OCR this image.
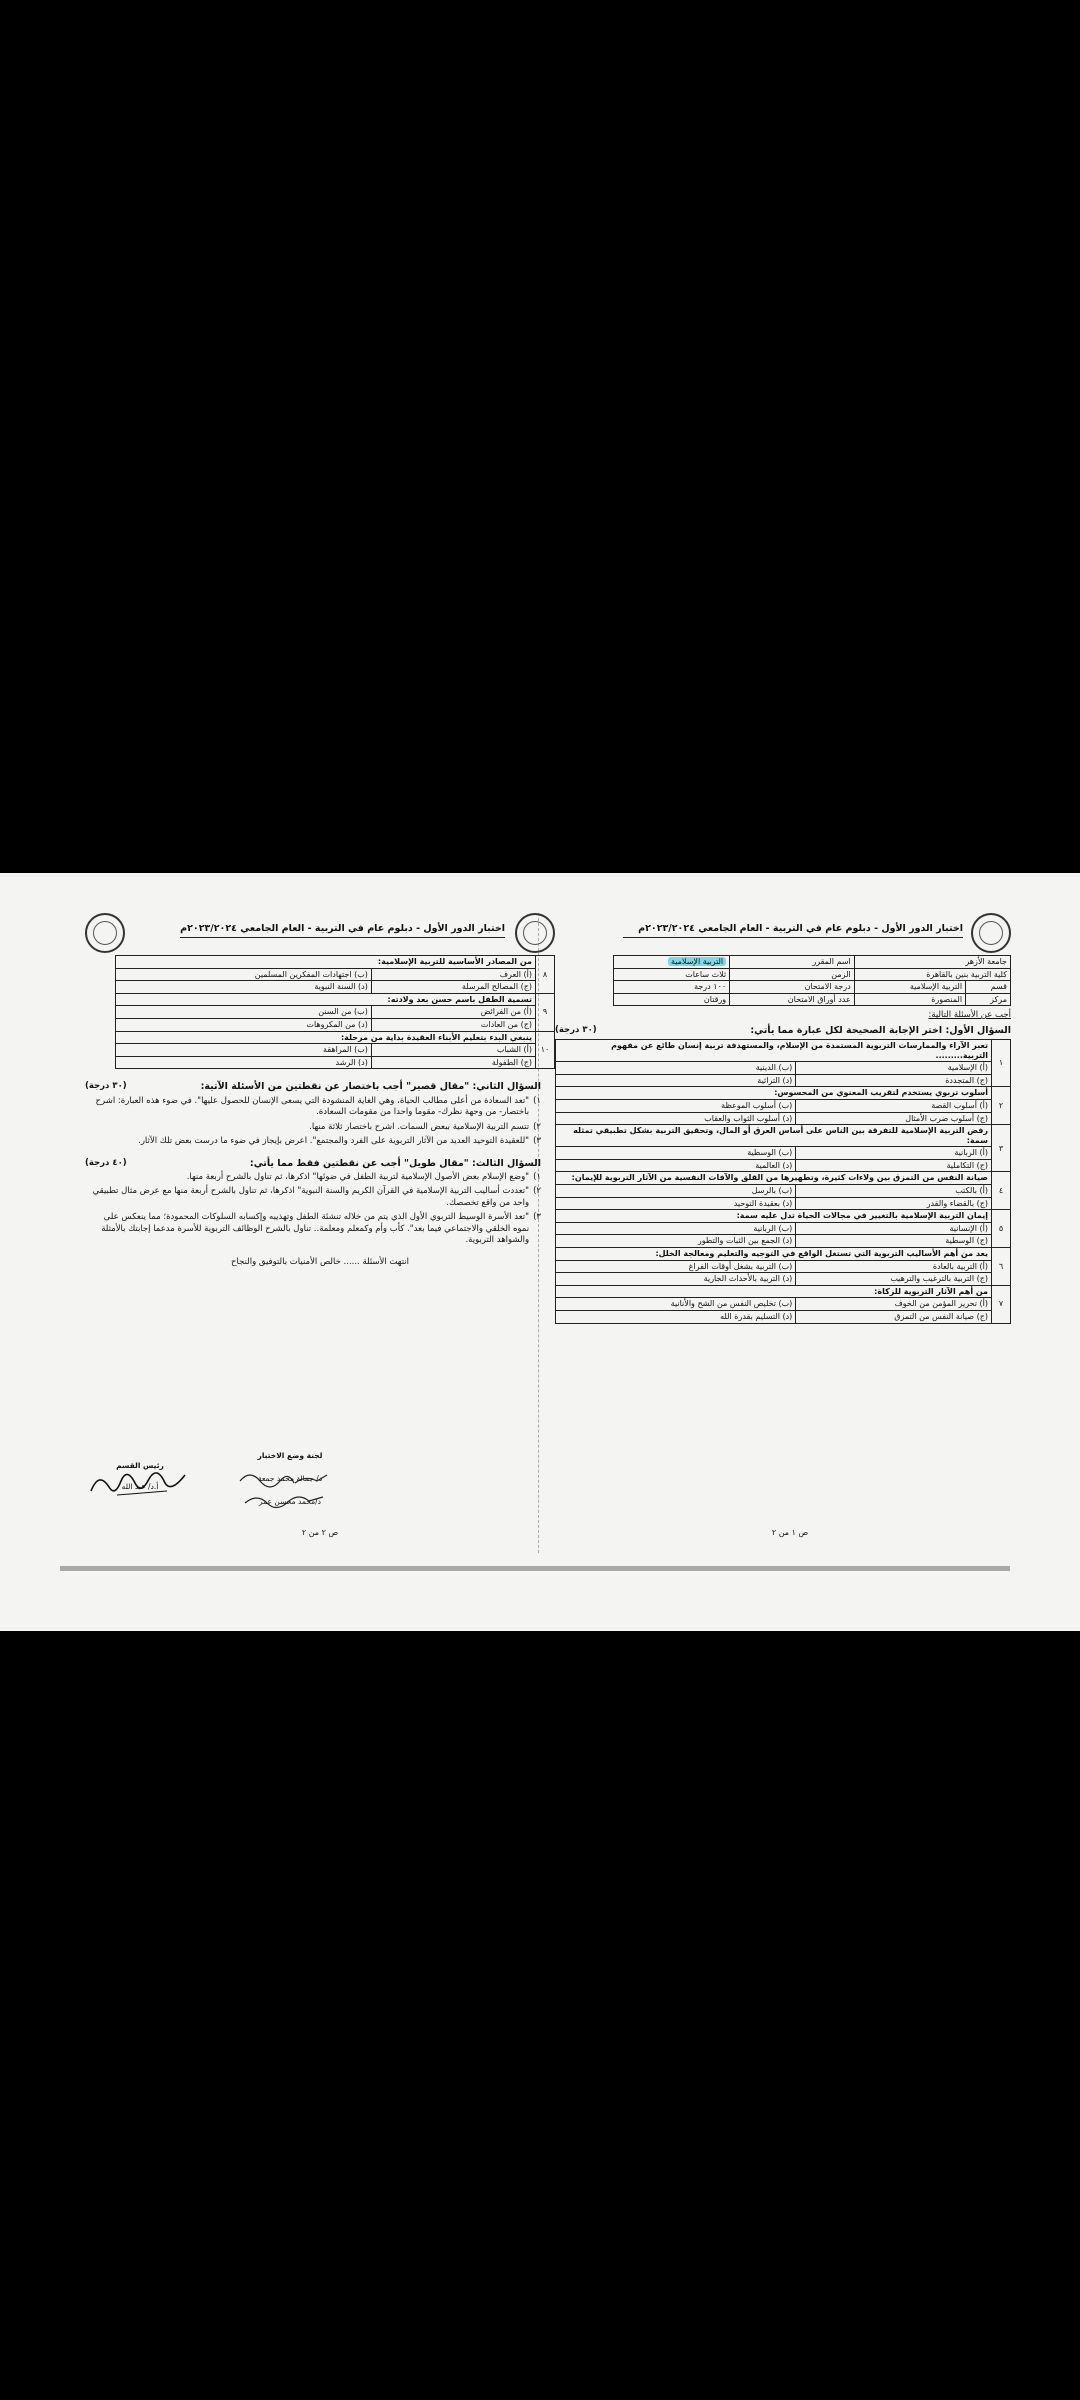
اختبار الدور الأول - دبلوم عام في التربية - العام الجامعي ٢٠٢٣/٢٠٢٤م
جامعة الأزهر		اسم المقرر	التربية الإسلامية
كلية التربية بنين بالقاهرة		الزمن	ثلاث ساعات
قسم	التربية الإسلامية	درجة الامتحان	١٠٠ درجة
مركز	المنصورة	عدد أوراق الامتحان	ورقتان
أجب عن الأسئلة التالية:
السؤال الأول: اختر الإجابة الصحيحة لكل عبارة مما يأتي:
(٣٠ درجة)
١	تعبر الآراء والممارسات التربوية المستمدة من الإسلام، والمستهدفة تربية إنسان طائع عن مفهوم التربية.........	
	(أ) الإسلامية	(ب) الدينية
	(ج) المتجددة	(د) التراثية
٢	أسلوب تربوي يستخدم لتقريب المعنوي من المحسوس:	
	(أ) أسلوب القصة	(ب) أسلوب الموعظة
	(ج) أسلوب ضرب الأمثال	(د) أسلوب الثواب والعقاب
٣	رفض التربية الإسلامية للتفرقة بين الناس على أساس العرق أو المال، وتحقيق التربية بشكل تطبيقي تمثله سمة:	
	(أ) الربانية	(ب) الوسطية
	(ج) التكاملية	(د) العالمية
٤	صيانة النفس من التمزق بين ولاءات كثيرة، وتطهيرها من القلق والآفات النفسية من الآثار التربوية للإيمان:	
	(أ) بالكتب	(ب) بالرسل
	(ج) بالقضاء والقدر	(د) بعقيدة التوحيد
٥	إيمان التربية الإسلامية بالتغيير في مجالات الحياة تدل عليه سمة:	
	(أ) الإنسانية	(ب) الربانية
	(ج) الوسطية	(د) الجمع بين الثبات والتطور
٦	يعد من أهم الأساليب التربوية التي تستغل الواقع في التوجيه والتعليم ومعالجة الخلل:	
	(أ) التربية بالعادة	(ب) التربية بشغل أوقات الفراغ
	(ج) التربية بالترغيب والترهيب	(د) التربية بالأحداث الجارية
٧	من أهم الآثار التربوية للزكاة:	
	(أ) تحرير المؤمن من الخوف	(ب) تخليص النفس من الشح والأنانية
	(ج) صيانة النفس من التمزق	(د) التسليم بقدرة الله
ص ١ من ٢
اختبار الدور الأول - دبلوم عام في التربية - العام الجامعي ٢٠٢٣/٢٠٢٤م
٨	من المصادر الأساسية للتربية الإسلامية:	
	(أ) العرف	(ب) اجتهادات المفكرين المسلمين
	(ج) المصالح المرسلة	(د) السنة النبوية
٩	تسمية الطفل باسم حسن بعد ولادته:	
	(أ) من الفرائض	(ب) من السنن
	(ج) من العادات	(د) من المكروهات
١٠	ينبغي البدء بتعليم الأبناء العقيدة بداية من مرحلة:	
	(أ) الشباب	(ب) المراهقة
	(ج) الطفولة	(د) الرشد
السؤال الثاني: "مقال قصير" أجب باختصار عن نقطتين من الأسئلة الآتية:
(٣٠ درجة)
١)
"تعد السعادة من أعلى مطالب الحياة، وهي الغاية المنشودة التي يسعى الإنسان للحصول عليها". في ضوء هذه العبارة: اشرح باختصار- من وجهة نظرك- مقوما واحدا من مقومات السعادة.
٢)
تتسم التربية الإسلامية ببعض السمات. اشرح باختصار ثلاثة منها.
٣)
"للعقيدة التوحيد العديد من الآثار التربوية على الفرد والمجتمع". اعرض بإيجاز في ضوء ما درست بعض تلك الآثار.
السؤال الثالث: "مقال طويل" أجب عن نقطتين فقط مما يأتي:
(٤٠ درجة)
١)
"وضع الإسلام بعض الأصول الإسلامية لتربية الطفل في ضوئها" اذكرها، ثم تناول بالشرح أربعة منها.
٢)
"تعددت أساليب التربية الإسلامية في القرآن الكريم والسنة النبوية" اذكرها، ثم تناول بالشرح أربعة منها مع عرض مثال تطبيقي واحد من واقع تخصصك.
٣)
"تعد الأسرة الوسيط التربوي الأول الذي يتم من خلاله تنشئة الطفل وتهذيبه وإكسابه السلوكات المحمودة؛ مما ينعكس على نموه الخلقي والاجتماعي فيما بعد". كأب وأم وكمعلم ومعلمة.. تناول بالشرح الوظائف التربوية للأسرة مدعما إجابتك بالأمثلة والشواهد التربوية.
انتهت الأسئلة ...... خالص الأمنيات بالتوفيق والنجاح
لجنة وضع الاختبار
د/ جمالة محمد جمعة
د/محمد محسن عمر
رئيس القسم
أ.د/ عبد الله
ص ٢ من ٢
